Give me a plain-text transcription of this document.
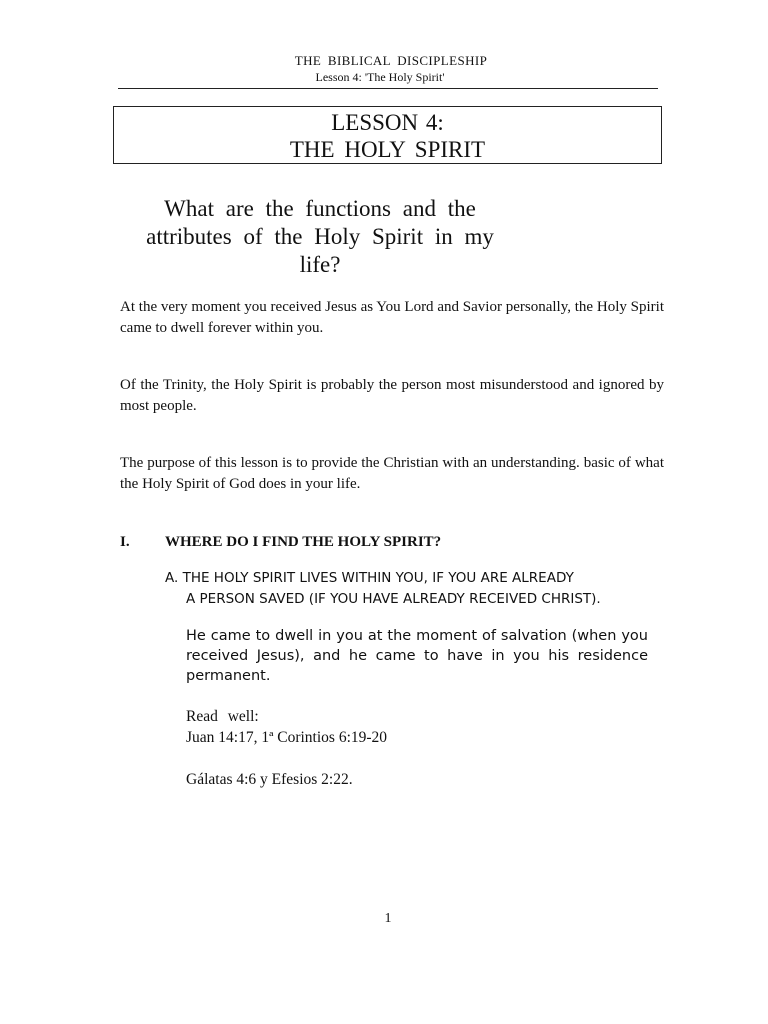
THE BIBLICAL DISCIPLESHIP
Lesson 4: 'The Holy Spirit'
LESSON 4:
THE HOLY SPIRIT
What are the functions and the attributes of the Holy Spirit in my life?
At the very moment you received Jesus as You Lord and Savior personally, the Holy Spirit came to dwell forever within you.
Of the Trinity, the Holy Spirit is probably the person most misunderstood and ignored by most people.
The purpose of this lesson is to provide the Christian with an understanding. basic of what the Holy Spirit of God does in your life.
I. WHERE DO I FIND THE HOLY SPIRIT?
A. THE HOLY SPIRIT LIVES WITHIN YOU, IF YOU ARE ALREADY
A PERSON SAVED (IF YOU HAVE ALREADY RECEIVED CHRIST).
He came to dwell in you at the moment of salvation (when you received Jesus), and he came to have in you his residence permanent.
Read well:
Juan 14:17, 1ª Corintios 6:19-20
Gálatas 4:6 y Efesios 2:22.
1
